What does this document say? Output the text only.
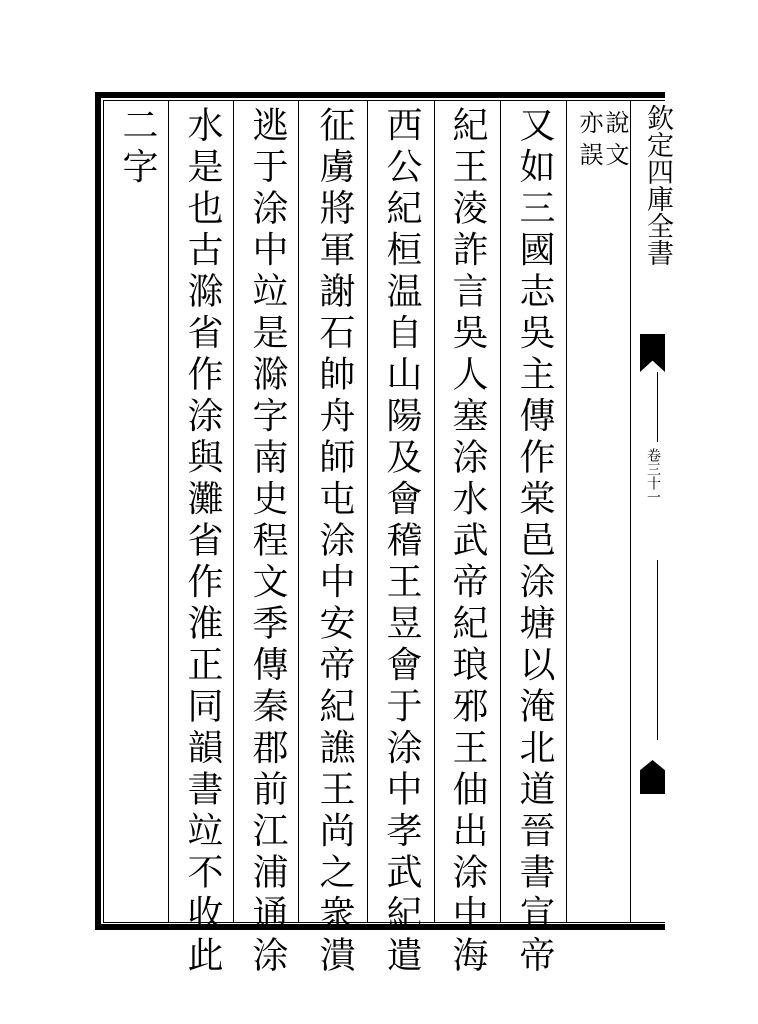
二字 水是也古滁省作涂與灘省作淮正同韻書竝不收此 逃于涂中竝是滁字南史程文季傳秦郡前江浦通涂 征虜將軍謝石帥舟師屯涂中安帝紀譙王尚之衆潰 西公紀桓温自山陽及會稽王昱會于涂中孝武紀遣 紀王淩詐言吳人塞涂水武帝紀琅邪王伷出涂中海 又如三國志吳主傳作棠邑涂塘以淹北道晉書宣帝 說文
亦誤 欽定四庫全書
卷三十一
